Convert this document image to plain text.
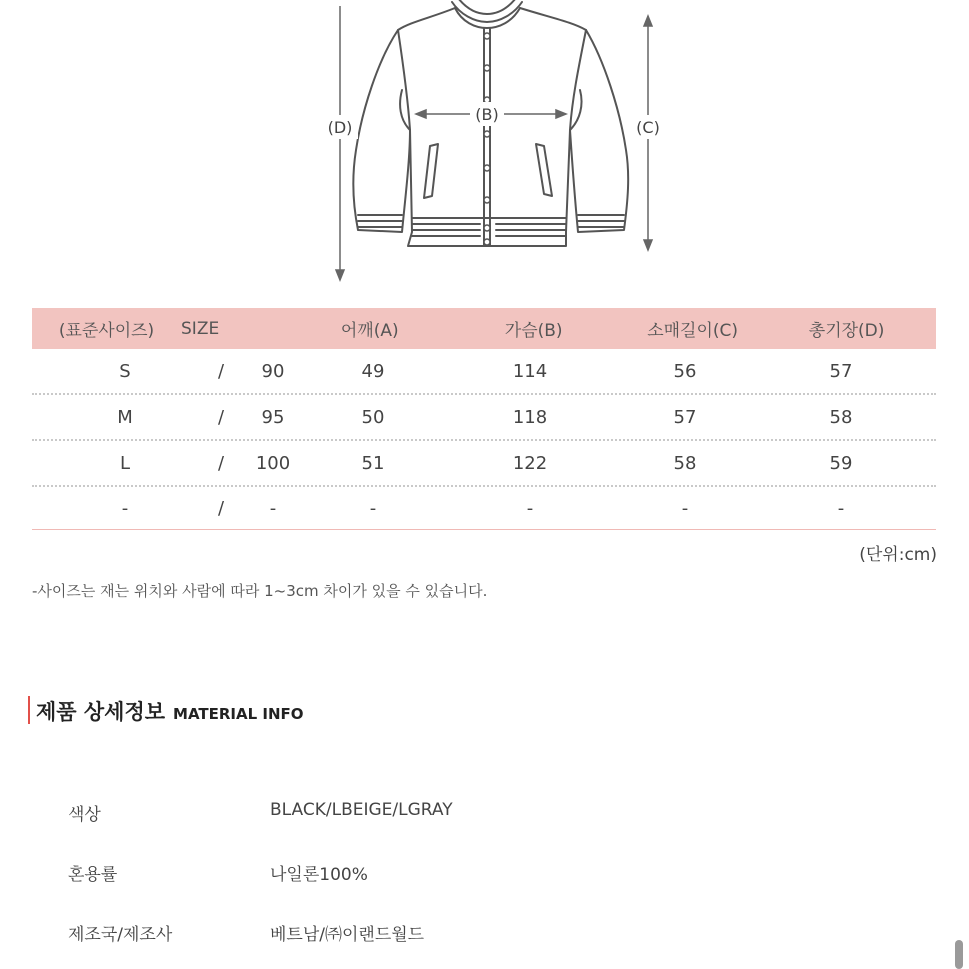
(D)
(B)
(C)
(표준사이즈)	SIZE	어깨(A)	가슴(B)	소매길이(C)	총기장(D)
S	/	90	49	114	56	57
M	/	95	50	118	57	58
L	/	100	51	122	58	59
-	/	-	-	-	-	-
(단위:cm)
-사이즈는 재는 위치와 사람에 따라 1~3cm 차이가 있을 수 있습니다.
제품 상세정보 MATERIAL INFO
색상	BLACK/LBEIGE/LGRAY
혼용률	나일론100%
제조국/제조사	베트남/㈜이랜드월드
